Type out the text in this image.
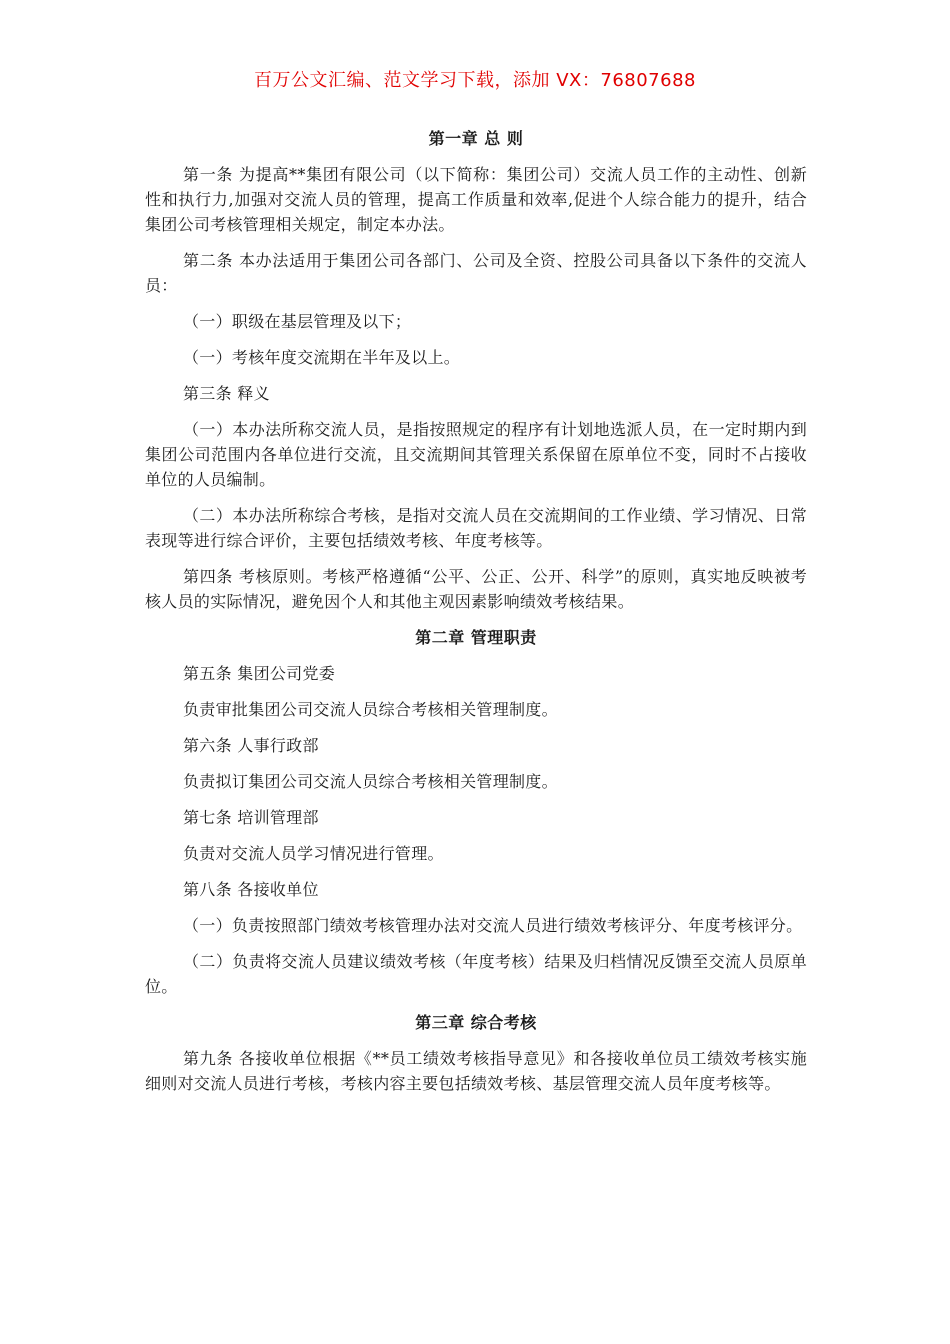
百万公文汇编、范文学习下载，添加 VX：76807688
第一章 总 则

第一条 为提高**集团有限公司（以下简称：集团公司）交流人员工作的主动性、创新性和执行力,加强对交流人员的管理，提高工作质量和效率,促进个人综合能力的提升，结合集团公司考核管理相关规定，制定本办法。

第二条 本办法适用于集团公司各部门、公司及全资、控股公司具备以下条件的交流人员：

（一）职级在基层管理及以下；

（一）考核年度交流期在半年及以上。

第三条 释义

（一）本办法所称交流人员，是指按照规定的程序有计划地选派人员，在一定时期内到集团公司范围内各单位进行交流，且交流期间其管理关系保留在原单位不变，同时不占接收单位的人员编制。

（二）本办法所称综合考核，是指对交流人员在交流期间的工作业绩、学习情况、日常表现等进行综合评价，主要包括绩效考核、年度考核等。

第四条 考核原则。考核严格遵循“公平、公正、公开、科学”的原则，真实地反映被考核人员的实际情况，避免因个人和其他主观因素影响绩效考核结果。

第二章 管理职责

第五条 集团公司党委

负责审批集团公司交流人员综合考核相关管理制度。

第六条 人事行政部

负责拟订集团公司交流人员综合考核相关管理制度。

第七条 培训管理部

负责对交流人员学习情况进行管理。

第八条 各接收单位

（一）负责按照部门绩效考核管理办法对交流人员进行绩效考核评分、年度考核评分。

（二）负责将交流人员建议绩效考核（年度考核）结果及归档情况反馈至交流人员原单位。

第三章 综合考核

第九条 各接收单位根据《**员工绩效考核指导意见》和各接收单位员工绩效考核实施细则对交流人员进行考核，考核内容主要包括绩效考核、基层管理交流人员年度考核等。
